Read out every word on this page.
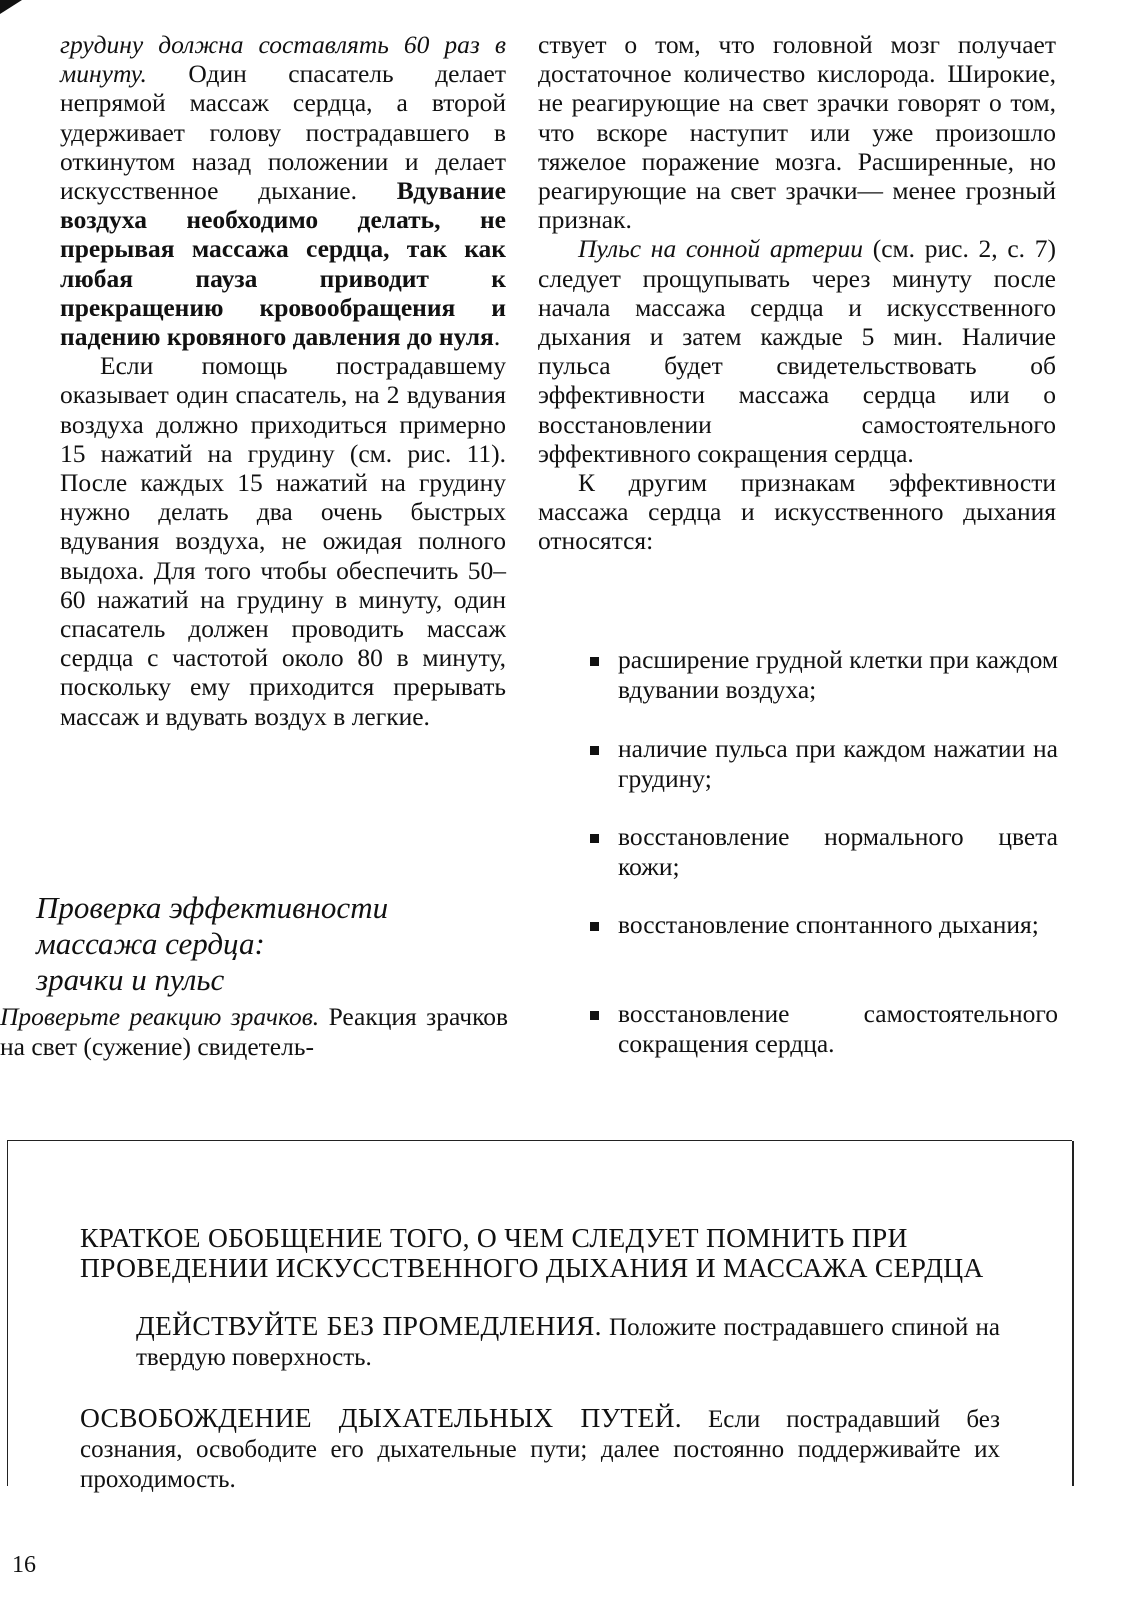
грудину должна составлять 60 раз в минуту. Один спасатель делает непрямой массаж сердца, а второй удерживает голову пострадавшего в откинутом назад положении и делает искусственное дыхание. Вдувание воздуха необходимо делать, не прерывая массажа сердца, так как любая пауза приводит к прекращению кровообращения и падению кровяного давления до нуля.

Если помощь пострадавшему оказывает один спасатель, на 2 вдувания воздуха должно приходиться примерно 15 нажатий на грудину (см. рис. 11). После каждых 15 нажатий на грудину нужно делать два очень быстрых вдувания воздуха, не ожидая полного выдоха. Для того чтобы обеспечить 50– 60 нажатий на грудину в минуту, один спасатель должен проводить массаж сердца с частотой около 80 в минуту, поскольку ему приходится прерывать массаж и вдувать воздух в легкие.

Проверка эффективности
массажа сердца:
зрачки и пульс
Проверьте реакцию зрачков. Реакция зрачков на свет (сужение) свидетель-

ствует о том, что головной мозг получает достаточное количество кислорода. Широкие, не реагирующие на свет зрачки говорят о том, что вскоре наступит или уже произошло тяжелое поражение мозга. Расширенные, но реагирующие на свет зрачки— менее грозный признак.

Пульс на сонной артерии (см. рис. 2, с. 7) следует прощупывать через минуту после начала массажа сердца и искусственного дыхания и затем каждые 5 мин. Наличие пульса будет свидетельствовать об эффективности массажа сердца или о восстановлении самостоятельного эффективного сокращения сердца.

К другим признакам эффективности массажа сердца и искусственного дыхания относятся:

расширение грудной клетки при каждом вдувании воздуха;
наличие пульса при каждом нажатии на грудину;
восстановление нормального цвета кожи;
восстановление спонтанного дыхания;
восстановление самостоятельного сокращения сердца.
КРАТКОЕ ОБОБЩЕНИЕ ТОГО, О ЧЕМ СЛЕДУЕТ ПОМНИТЬ ПРИ ПРОВЕДЕНИИ ИСКУССТВЕННОГО ДЫХАНИЯ И МАССАЖА СЕРДЦА
ДЕЙСТВУЙТЕ БЕЗ ПРОМЕДЛЕНИЯ. Положите пострадавшего спиной на твердую поверхность.
ОСВОБОЖДЕНИЕ ДЫХАТЕЛЬНЫХ ПУТЕЙ. Если пострадавший без сознания, освободите его дыхательные пути; далее постоянно поддерживайте их проходимость.
16
